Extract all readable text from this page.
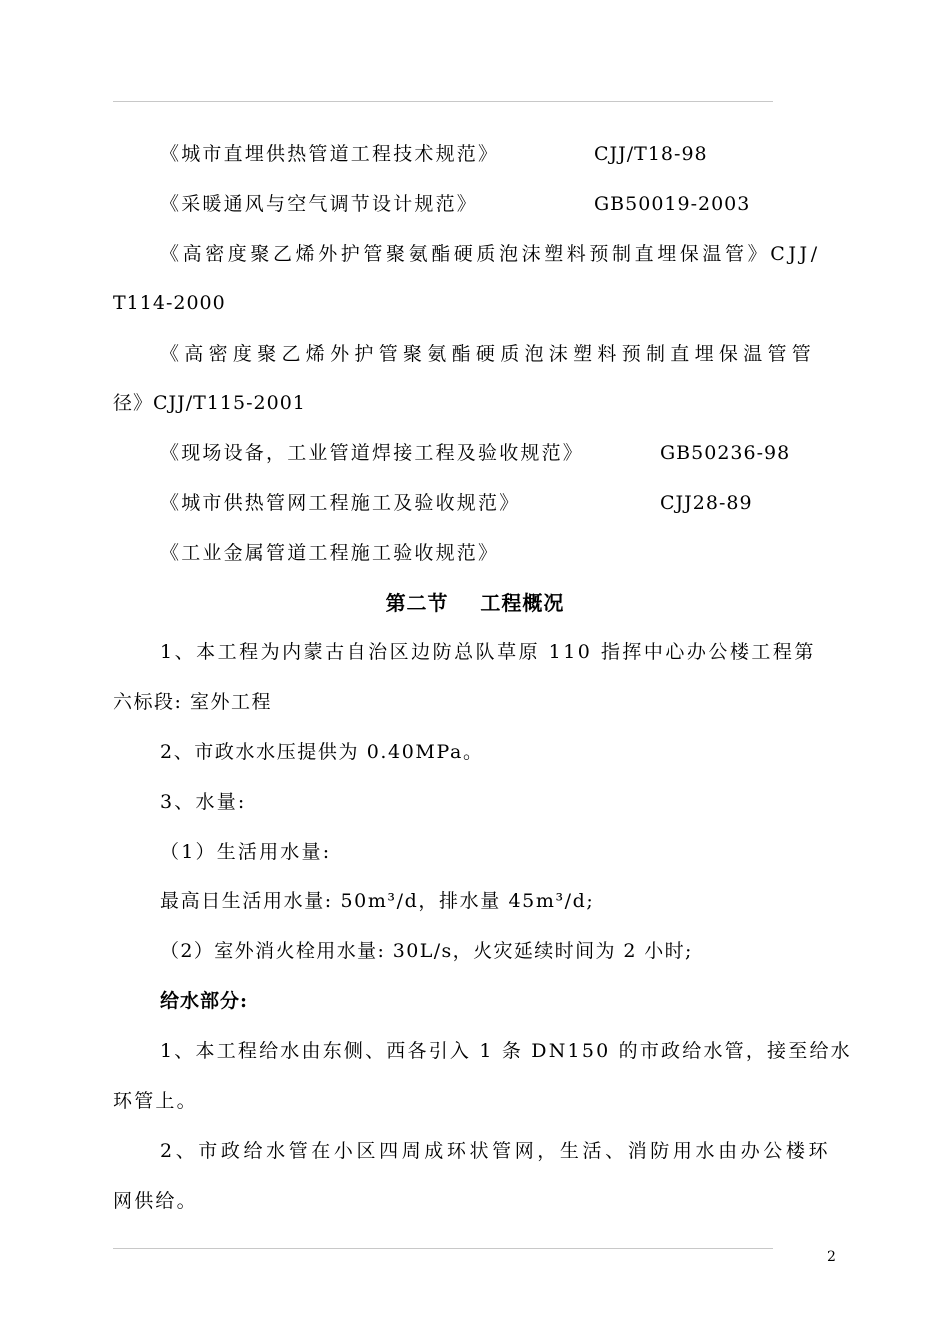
《城市直埋供热管道工程技术规范》	CJJ/T18-98
《采暖通风与空气调节设计规范》	GB50019-2003
《高密度聚乙烯外护管聚氨酯硬质泡沫塑料预制直埋保温管》CJJ/
T114-2000
《高密度聚乙烯外护管聚氨酯硬质泡沫塑料预制直埋保温管管
径》CJJ/T115-2001
《现场设备，工业管道焊接工程及验收规范》	GB50236-98
《城市供热管网工程施工及验收规范》	CJJ28-89
《工业金属管道工程施工验收规范》
第二节    工程概况
1、本工程为内蒙古自治区边防总队草原 110 指挥中心办公楼工程第
六标段: 室外工程
2、市政水水压提供为 0.40MPa。
3、水量:
（1）生活用水量:
最高日生活用水量: 50m³/d，排水量 45m³/d;
（2）室外消火栓用水量: 30L/s，火灾延续时间为 2 小时;
给水部分:
1、本工程给水由东侧、西各引入 1 条 DN150 的市政给水管，接至给水
环管上。
2、市政给水管在小区四周成环状管网，生活、消防用水由办公楼环
网供给。
2
